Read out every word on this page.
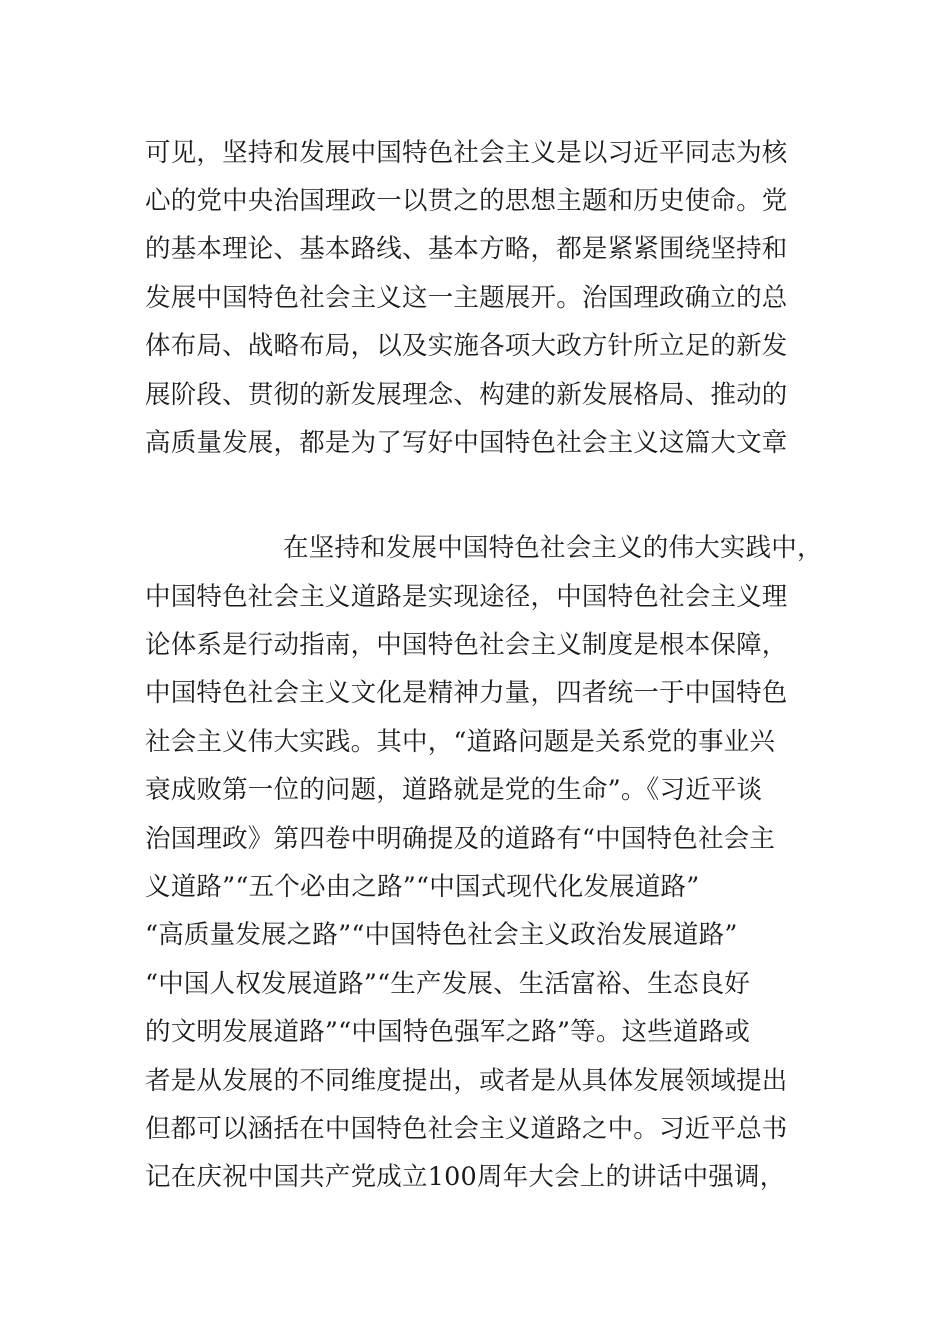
可见，坚持和发展中国特色社会主义是以习近平同志为核
心的党中央治国理政一以贯之的思想主题和历史使命。党
的基本理论、基本路线、基本方略，都是紧紧围绕坚持和
发展中国特色社会主义这一主题展开。治国理政确立的总
体布局、战略布局，以及实施各项大政方针所立足的新发
展阶段、贯彻的新发展理念、构建的新发展格局、推动的
高质量发展，都是为了写好中国特色社会主义这篇大文章
在坚持和发展中国特色社会主义的伟大实践中，
中国特色社会主义道路是实现途径，中国特色社会主义理
论体系是行动指南，中国特色社会主义制度是根本保障，
中国特色社会主义文化是精神力量，四者统一于中国特色
社会主义伟大实践。其中，“道路问题是关系党的事业兴
衰成败第一位的问题，道路就是党的生命”。《习近平谈
治国理政》第四卷中明确提及的道路有“中国特色社会主
义道路”“五个必由之路”“中国式现代化发展道路”
“高质量发展之路”“中国特色社会主义政治发展道路”
“中国人权发展道路”“生产发展、生活富裕、生态良好
的文明发展道路”“中国特色强军之路”等。这些道路或
者是从发展的不同维度提出，或者是从具体发展领域提出
但都可以涵括在中国特色社会主义道路之中。习近平总书
记在庆祝中国共产党成立100周年大会上的讲话中强调，
